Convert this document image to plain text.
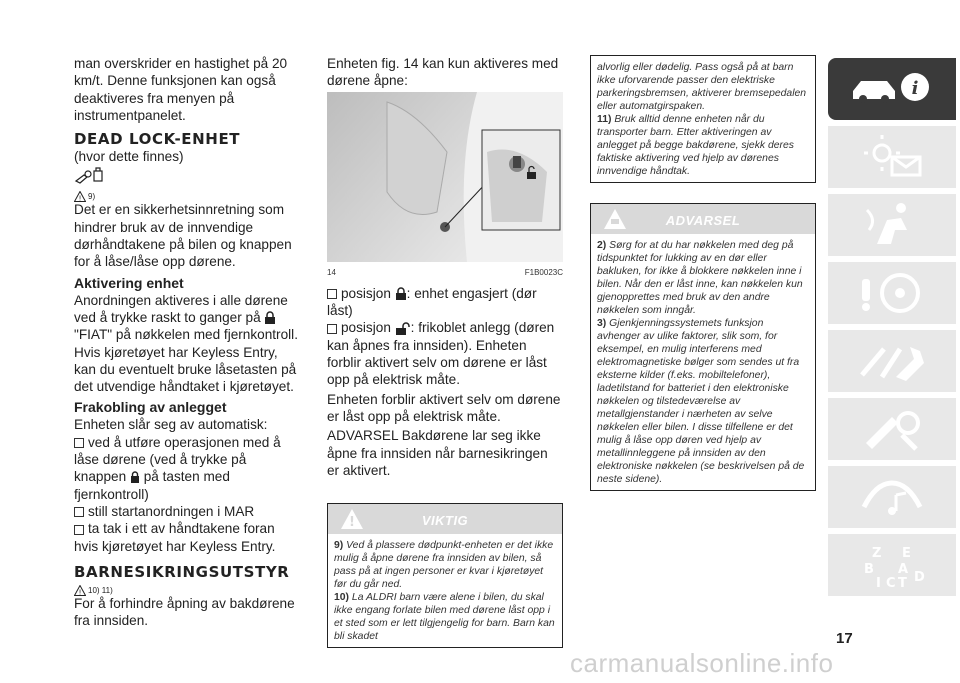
man overskrider en hastighet på 20 km/t. Denne funksjonen kan også deaktiveres fra menyen på instrumentpanelet.

DEAD LOCK-ENHET

(hvor dette finnes)

! 9)

Det er en sikkerhetsinnretning som hindrer bruk av de innvendige dørhåndtakene på bilen og knappen for å låse/låse opp dørene.

Aktivering enhet

Anordningen aktiveres i alle dørene ved å trykke raskt to ganger på  "FIAT" på nøkkelen med fjernkontroll. Hvis kjøretøyet har Keyless Entry, kan du eventuelt bruke låsetasten på det utvendige håndtaket i kjøretøyet.

Frakobling av anlegget

Enheten slår seg av automatisk:

ved å utføre operasjonen med å låse dørene (ved å trykke på knappen på tasten med fjernkontroll)

still startanordningen i MAR

ta tak i ett av håndtakene foran hvis kjøretøyet har Keyless Entry.

BARNESIKRINGSUTSTYR
! 10) 11)

For å forhindre åpning av bakdørene fra innsiden.

Enheten fig. 14 kan kun aktiveres med dørene åpne:

14	F1B0023C

posisjon : enhet engasjert (dør låst)

posisjon : frikoblet anlegg (døren kan åpnes fra innsiden). Enheten forblir aktivert selv om dørene er låst opp på elektrisk måte.

Enheten forblir aktivert selv om dørene er låst opp på elektrisk måte.

ADVARSEL Bakdørene lar seg ikke åpne fra innsiden når barnesikringen er aktivert.

!	VIKTIG

9) Ved å plassere dødpunkt-enheten er det ikke mulig å åpne dørene fra innsiden av bilen, så pass på at ingen personer er kvar i kjøretøyet før du går ned.

10) La ALDRI barn være alene i bilen, du skal ikke engang forlate bilen med dørene låst opp i et sted som er lett tilgjengelig for barn. Barn kan bli skadet

alvorlig eller dødelig. Pass også på at barn ikke uforvarende passer den elektriske parkeringsbremsen, aktiverer bremsepedalen eller automatgirspaken.

11) Bruk alltid denne enheten når du transporter barn. Etter aktiveringen av anlegget på begge bakdørene, sjekk deres faktiske aktivering ved hjelp av dørenes innvendige håndtak.

ADVARSEL

2) Sørg for at du har nøkkelen med deg på tidspunktet for lukking av en dør eller bakluken, for ikke å blokkere nøkkelen inne i bilen. Når den er låst inne, kan nøkkelen kun gjenopprettes med bruk av den andre nøkkelen som inngår.

3) Gjenkjenningssystemets funksjon avhenger av ulike faktorer, slik som, for eksempel, en mulig interferens med elektromagnetiske bølger som sendes ut fra eksterne kilder (f.eks. mobiltelefoner), ladetilstand for batteriet i den elektroniske nøkkelen og tilstedeværelse av metallgjenstander i nærheten av selve nøkkelen eller bilen. I disse tilfellene er det mulig å låse opp døren ved hjelp av metallinnleggene på innsiden av den elektroniske nøkkelen (se beskrivelsen på de neste sidene).

i
Z E
B A
I C T D
17
carmanualsonline.info
